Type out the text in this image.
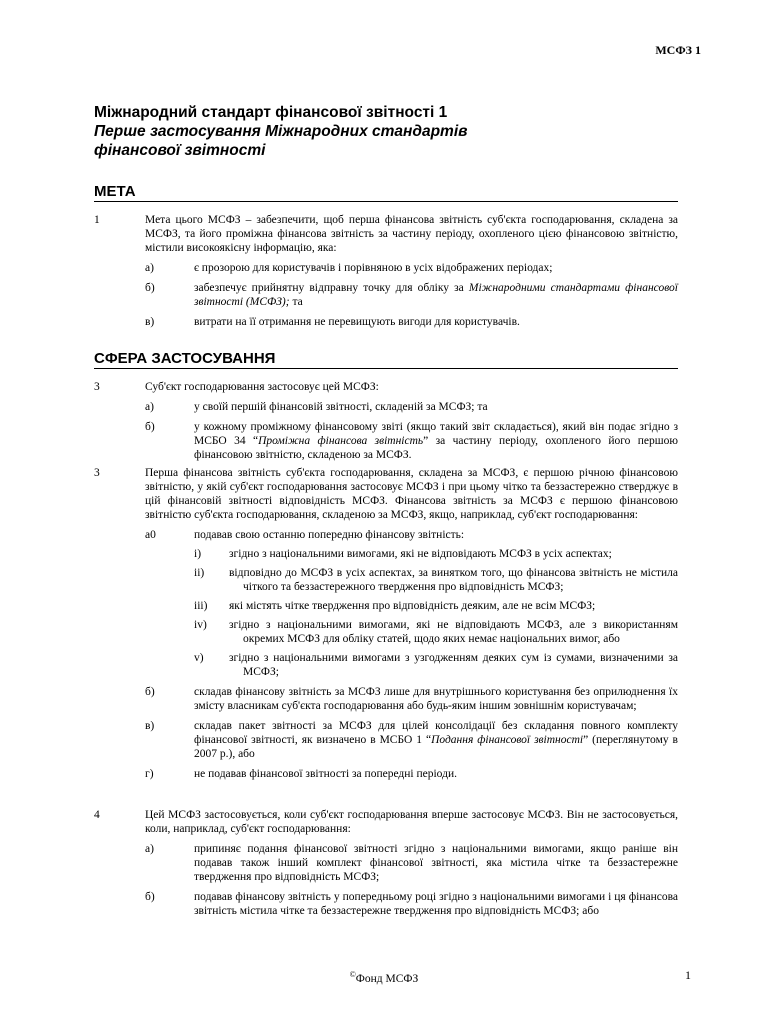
МСФЗ 1
Міжнародний стандарт фінансової звітності 1
Перше застосування Міжнародних стандартів
фінансової звітності
МЕТА
1	Мета цього МСФЗ – забезпечити, щоб перша фінансова звітність суб'єкта господарювання, складена за МСФЗ, та його проміжна фінансова звітність за частину періоду, охопленого цією фінансовою звітністю, містили високоякісну інформацію, яка:
а)	є прозорою для користувачів і порівняною в усіх відображених періодах;
б)	забезпечує прийнятну відправну точку для обліку за Міжнародними стандартами фінансової звітності (МСФЗ); та
в)	витрати на її отримання не перевищують вигоди для користувачів.
СФЕРА ЗАСТОСУВАННЯ
3	Суб'єкт господарювання застосовує цей МСФЗ:
а)	у своїй першій фінансовій звітності, складеній за МСФЗ; та
б)	у кожному проміжному фінансовому звіті (якщо такий звіт складається), який він подає згідно з МСБО 34 “Проміжна фінансова звітність” за частину періоду, охопленого його першою фінансовою звітністю, складеною за МСФЗ.
3	Перша фінансова звітність суб'єкта господарювання, складена за МСФЗ, є першою річною фінансовою звітністю, у якій суб'єкт господарювання застосовує МСФЗ і при цьому чітко та беззастережно стверджує в цій фінансовій звітності відповідність МСФЗ. Фінансова звітність за МСФЗ є першою фінансовою звітністю суб'єкта господарювання, складеною за МСФЗ, якщо, наприклад, суб'єкт господарювання:
а0	подавав свою останню попередню фінансову звітність:
i) згідно з національними вимогами, які не відповідають МСФЗ в усіх аспектах;
ii) відповідно до МСФЗ в усіх аспектах, за винятком того, що фінансова звітність не містила чіткого та беззастережного твердження про відповідність МСФЗ;
iii) які містять чітке твердження про відповідність деяким, але не всім МСФЗ;
iv) згідно з національними вимогами, які не відповідають МСФЗ, але з використанням окремих МСФЗ для обліку статей, щодо яких немає національних вимог, або
v) згідно з національними вимогами з узгодженням деяких сум із сумами, визначеними за МСФЗ;
б)	складав фінансову звітність за МСФЗ лише для внутрішнього користування без оприлюднення їх змісту власникам суб'єкта господарювання або будь-яким іншим зовнішнім користувачам;
в)	складав пакет звітності за МСФЗ для цілей консолідації без складання повного комплекту фінансової звітності, як визначено в МСБО 1 “Подання фінансової звітності” (переглянутому в 2007 р.), або
г)	не подавав фінансової звітності за попередні періоди.
4	Цей МСФЗ застосовується, коли суб'єкт господарювання вперше застосовує МСФЗ. Він не застосовується, коли, наприклад, суб'єкт господарювання:
а)	припиняє подання фінансової звітності згідно з національними вимогами, якщо раніше він подавав також інший комплект фінансової звітності, яка містила чітке та беззастережне твердження про відповідність МСФЗ;
б)	подавав фінансову звітність у попередньому році згідно з національними вимогами і ця фінансова звітність містила чітке та беззастережне твердження про відповідність МСФЗ; або
©Фонд МСФЗ	1
